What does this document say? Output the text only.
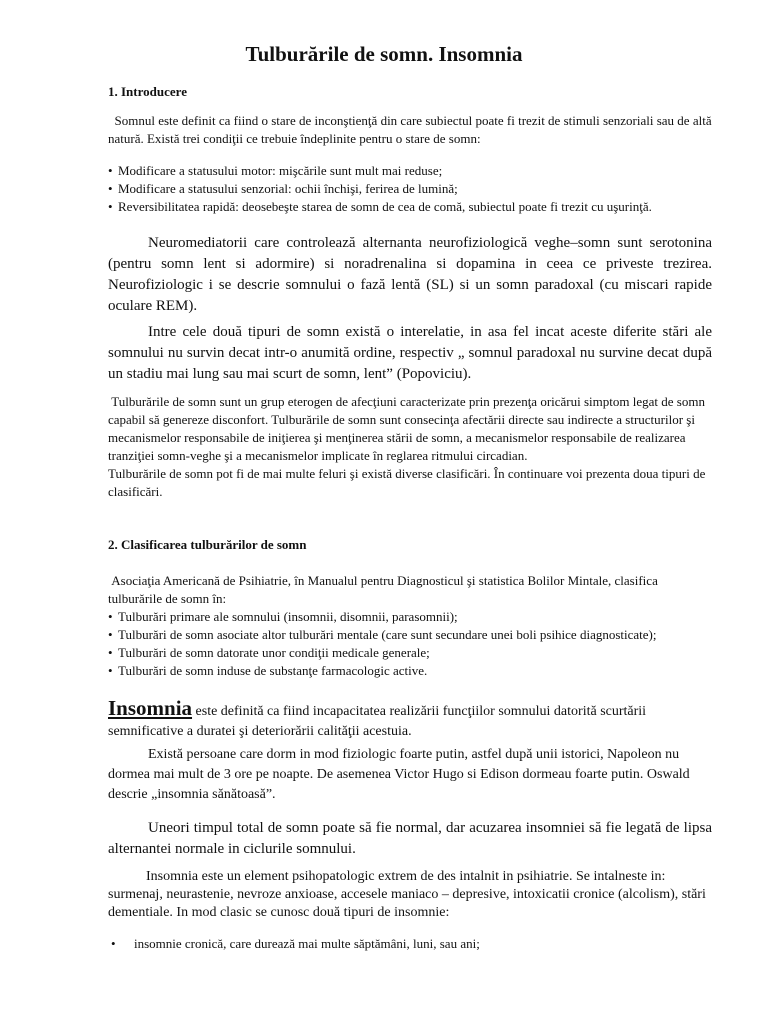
Tulburările de somn. Insomnia
1. Introducere

Somnul este definit ca fiind o stare de inconştienţă din care subiectul poate fi trezit de stimuli senzoriali sau de altă natură. Există trei condiţii ce trebuie îndeplinite pentru o stare de somn:

• Modificare a statusului motor: mişcările sunt mult mai reduse;
• Modificare a statusului senzorial: ochii închişi, ferirea de lumină;
• Reversibilitatea rapidă: deosebeşte starea de somn de cea de comă, subiectul poate fi trezit cu uşurinţă.

Neuromediatorii care controlează alternanta neurofiziologică veghe–somn sunt serotonina (pentru somn lent si adormire) si noradrenalina si dopamina in ceea ce priveste trezirea. Neurofiziologic i se descrie somnului o fază lentă (SL) si un somn paradoxal (cu miscari rapide oculare REM).

Intre cele două tipuri de somn există o interelatie, in asa fel incat aceste diferite stări ale somnului nu survin decat intr-o anumită ordine, respectiv „ somnul paradoxal nu survine decat după un stadiu mai lung sau mai scurt de somn, lent” (Popoviciu).

Tulburările de somn sunt un grup eterogen de afecţiuni caracterizate prin prezenţa oricărui simptom legat de somn capabil să genereze disconfort. Tulburările de somn sunt consecinţa afectării directe sau indirecte a structurilor şi mecanismelor responsabile de iniţierea şi menţinerea stării de somn, a mecanismelor responsabile de realizarea tranziţiei somn-veghe şi a mecanismelor implicate în reglarea ritmului circadian.

Tulburările de somn pot fi de mai multe feluri şi există diverse clasificări. În continuare voi prezenta doua tipuri de clasificări.

2. Clasificarea tulburărilor de somn

Asociaţia Americană de Psihiatrie, în Manualul pentru Diagnosticul şi statistica Bolilor Mintale, clasifica tulburările de somn în:

• Tulburări primare ale somnului (insomnii, disomnii, parasomnii);
• Tulburări de somn asociate altor tulburări mentale (care sunt secundare unei boli psihice diagnosticate);
• Tulburări de somn datorate unor condiţii medicale generale;
• Tulburări de somn induse de substanţe farmacologic active.
Insomnia este definită ca fiind incapacitatea realizării funcţiilor somnului datorită scurtării semnificative a duratei şi deteriorării calităţii acestuia.
Există persoane care dorm in mod fiziologic foarte putin, astfel după unii istorici, Napoleon nu dormea mai mult de 3 ore pe noapte. De asemenea Victor Hugo si Edison dormeau foarte putin. Oswald descrie „insomnia sănătoasă”.

Uneori timpul total de somn poate să fie normal, dar acuzarea insomniei să fie legată de lipsa alternantei normale in ciclurile somnului.

Insomnia este un element psihopatologic extrem de des intalnit in psihiatrie. Se intalneste in: surmenaj, neurastenie, nevroze anxioase, accesele maniaco – depresive, intoxicatii cronice (alcolism), stări dementiale. In mod clasic se cunosc două tipuri de insomnie:
• insomnie cronică, care durează mai multe săptămâni, luni, sau ani;
